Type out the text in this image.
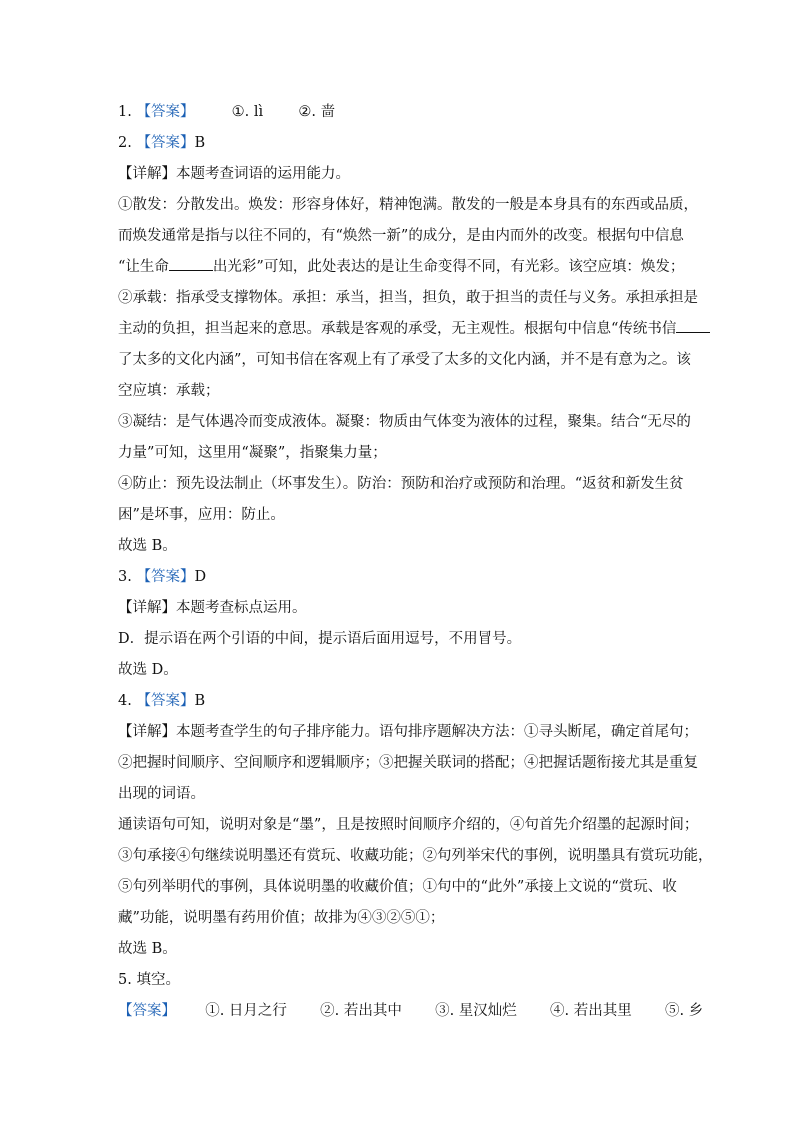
1. 【答案】	①. lì ②. 啬
2. 【答案】B
【详解】本题考查词语的运用能力。
①散发：分散发出。焕发：形容身体好，精神饱满。散发的一般是本身具有的东西或品质，
而焕发通常是指与以往不同的，有“焕然一新”的成分，是由内而外的改变。根据句中信息
“让生命	出光彩”可知，此处表达的是让生命变得不同，有光彩。该空应填：焕发；
②承载：指承受支撑物体。承担：承当，担当，担负，敢于担当的责任与义务。承担承担是
主动的负担，担当起来的意思。承载是客观的承受，无主观性。根据句中信息“传统书信
了太多的文化内涵”，可知书信在客观上有了承受了太多的文化内涵，并不是有意为之。该
空应填：承载；
③凝结：是气体遇冷而变成液体。凝聚：物质由气体变为液体的过程，聚集。结合“无尽的
力量”可知，这里用“凝聚”，指聚集力量；
④防止：预先设法制止（坏事发生）。防治：预防和治疗或预防和治理。“返贫和新发生贫
困”是坏事，应用：防止。
故选 B。
3. 【答案】D
【详解】本题考查标点运用。
D．提示语在两个引语的中间，提示语后面用逗号，不用冒号。
故选 D。
4. 【答案】B
【详解】本题考查学生的句子排序能力。语句排序题解决方法：①寻头断尾，确定首尾句；
②把握时间顺序、空间顺序和逻辑顺序；③把握关联词的搭配；④把握话题衔接尤其是重复
出现的词语。
通读语句可知，说明对象是“墨”，且是按照时间顺序介绍的，④句首先介绍墨的起源时间；
③句承接④句继续说明墨还有赏玩、收藏功能；②句列举宋代的事例，说明墨具有赏玩功能，
⑤句列举明代的事例，具体说明墨的收藏价值；①句中的“此外”承接上文说的“赏玩、收
藏”功能，说明墨有药用价值；故排为④③②⑤①；
故选 B。
5. 填空。
【答案】 ①. 日月之行 ②. 若出其中 ③. 星汉灿烂 ④. 若出其里 ⑤. 乡
